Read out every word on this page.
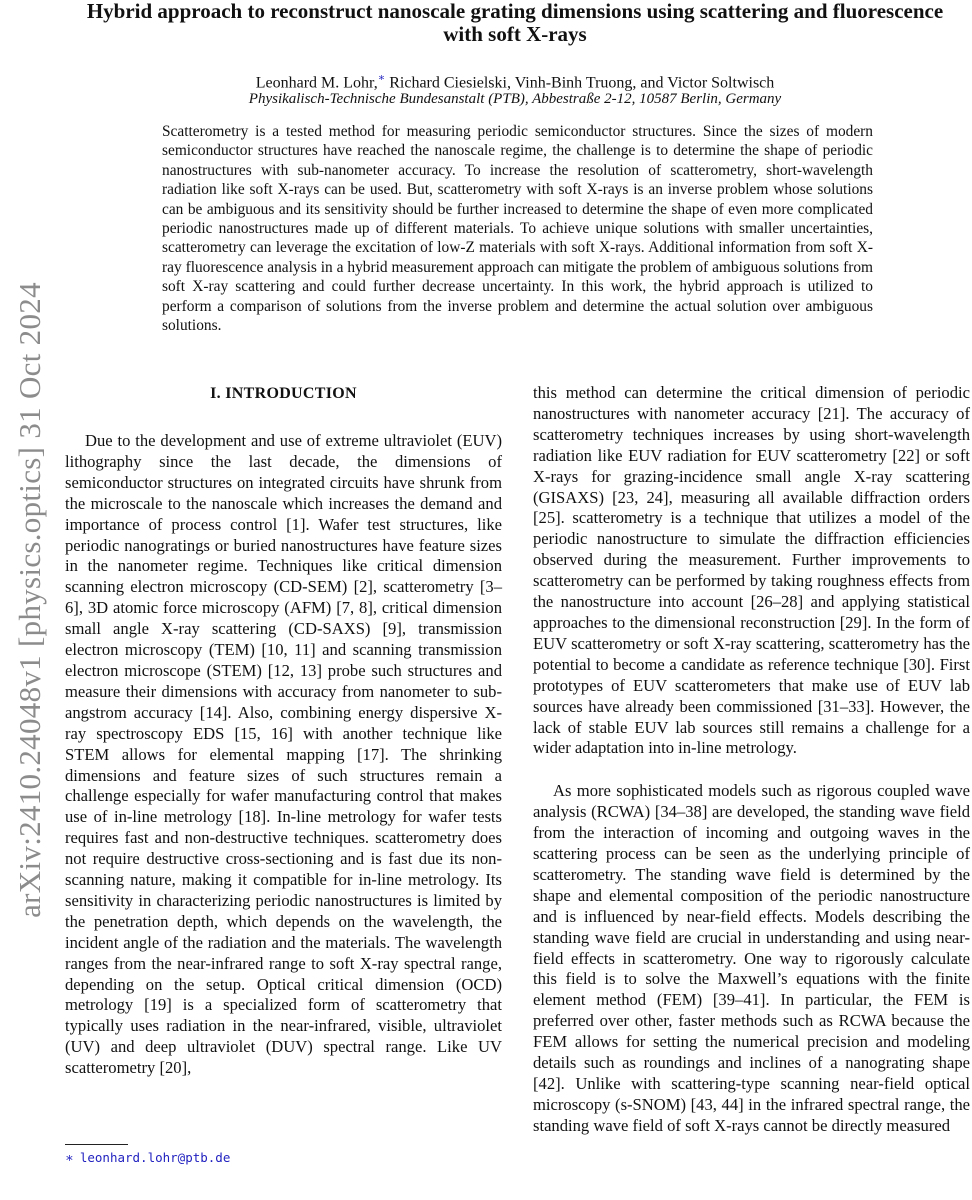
arXiv:2410.24048v1 [physics.optics] 31 Oct 2024
Hybrid approach to reconstruct nanoscale grating dimensions using scattering and fluorescence with soft X-rays
Leonhard M. Lohr,∗ Richard Ciesielski, Vinh-Binh Truong, and Victor Soltwisch
Physikalisch-Technische Bundesanstalt (PTB), Abbestraße 2-12, 10587 Berlin, Germany

Scatterometry is a tested method for measuring periodic semiconductor structures. Since the sizes of modern semiconductor structures have reached the nanoscale regime, the challenge is to determine the shape of periodic nanostructures with sub-nanometer accuracy. To increase the resolution of scatterometry, short-wavelength radiation like soft X-rays can be used. But, scatterometry with soft X-rays is an inverse problem whose solutions can be ambiguous and its sensitivity should be further increased to determine the shape of even more complicated periodic nanostructures made up of different materials. To achieve unique solutions with smaller uncertainties, scatterometry can leverage the excitation of low-Z materials with soft X-rays. Additional information from soft X-ray fluorescence analysis in a hybrid measurement approach can mitigate the problem of ambiguous solutions from soft X-ray scattering and could further decrease uncertainty. In this work, the hybrid approach is utilized to perform a comparison of solutions from the inverse problem and determine the actual solution over ambiguous solutions.

I. INTRODUCTION

Due to the development and use of extreme ultraviolet (EUV) lithography since the last decade, the dimensions of semiconductor structures on integrated circuits have shrunk from the microscale to the nanoscale which increases the demand and importance of process control [1]. Wafer test structures, like periodic nanogratings or buried nanostructures have feature sizes in the nanometer regime. Techniques like critical dimension scanning electron microscopy (CD-SEM) [2], scatterometry [3–6], 3D atomic force microscopy (AFM) [7, 8], critical dimension small angle X-ray scattering (CD-SAXS) [9], transmission electron microscopy (TEM) [10, 11] and scanning transmission electron microscope (STEM) [12, 13] probe such structures and measure their dimensions with accuracy from nanometer to sub-angstrom accuracy [14]. Also, combining energy dispersive X-ray spectroscopy EDS [15, 16] with another technique like STEM allows for elemental mapping [17]. The shrinking dimensions and feature sizes of such structures remain a challenge especially for wafer manufacturing control that makes use of in-line metrology [18]. In-line metrology for wafer tests requires fast and non-destructive techniques. scatterometry does not require destructive cross-sectioning and is fast due its non-scanning nature, making it compatible for in-line metrology. Its sensitivity in characterizing periodic nanostructures is limited by the penetration depth, which depends on the wavelength, the incident angle of the radiation and the materials. The wavelength ranges from the near-infrared range to soft X-ray spectral range, depending on the setup. Optical critical dimension (OCD) metrology [19] is a specialized form of scatterometry that typically uses radiation in the near-infrared, visible, ultraviolet (UV) and deep ultraviolet (DUV) spectral range. Like UV scatterometry [20],

this method can determine the critical dimension of periodic nanostructures with nanometer accuracy [21]. The accuracy of scatterometry techniques increases by using short-wavelength radiation like EUV radiation for EUV scatterometry [22] or soft X-rays for grazing-incidence small angle X-ray scattering (GISAXS) [23, 24], measuring all available diffraction orders [25]. scatterometry is a technique that utilizes a model of the periodic nanostructure to simulate the diffraction efficiencies observed during the measurement. Further improvements to scatterometry can be performed by taking roughness effects from the nanostructure into account [26–28] and applying statistical approaches to the dimensional reconstruction [29]. In the form of EUV scatterometry or soft X-ray scattering, scatterometry has the potential to become a candidate as reference technique [30]. First prototypes of EUV scatterometers that make use of EUV lab sources have already been commissioned [31–33]. However, the lack of stable EUV lab sources still remains a challenge for a wider adaptation into in-line metrology.

As more sophisticated models such as rigorous coupled wave analysis (RCWA) [34–38] are developed, the standing wave field from the interaction of incoming and outgoing waves in the scattering process can be seen as the underlying principle of scatterometry. The standing wave field is determined by the shape and elemental composition of the periodic nanostructure and is influenced by near-field effects. Models describing the standing wave field are crucial in understanding and using near-field effects in scatterometry. One way to rigorously calculate this field is to solve the Maxwell’s equations with the finite element method (FEM) [39–41]. In particular, the FEM is preferred over other, faster methods such as RCWA because the FEM allows for setting the numerical precision and modeling details such as roundings and inclines of a nanograting shape [42]. Unlike with scattering-type scanning near-field optical microscopy (s-SNOM) [43, 44] in the infrared spectral range, the standing wave field of soft X-rays cannot be directly measured

∗ leonhard.lohr@ptb.de
